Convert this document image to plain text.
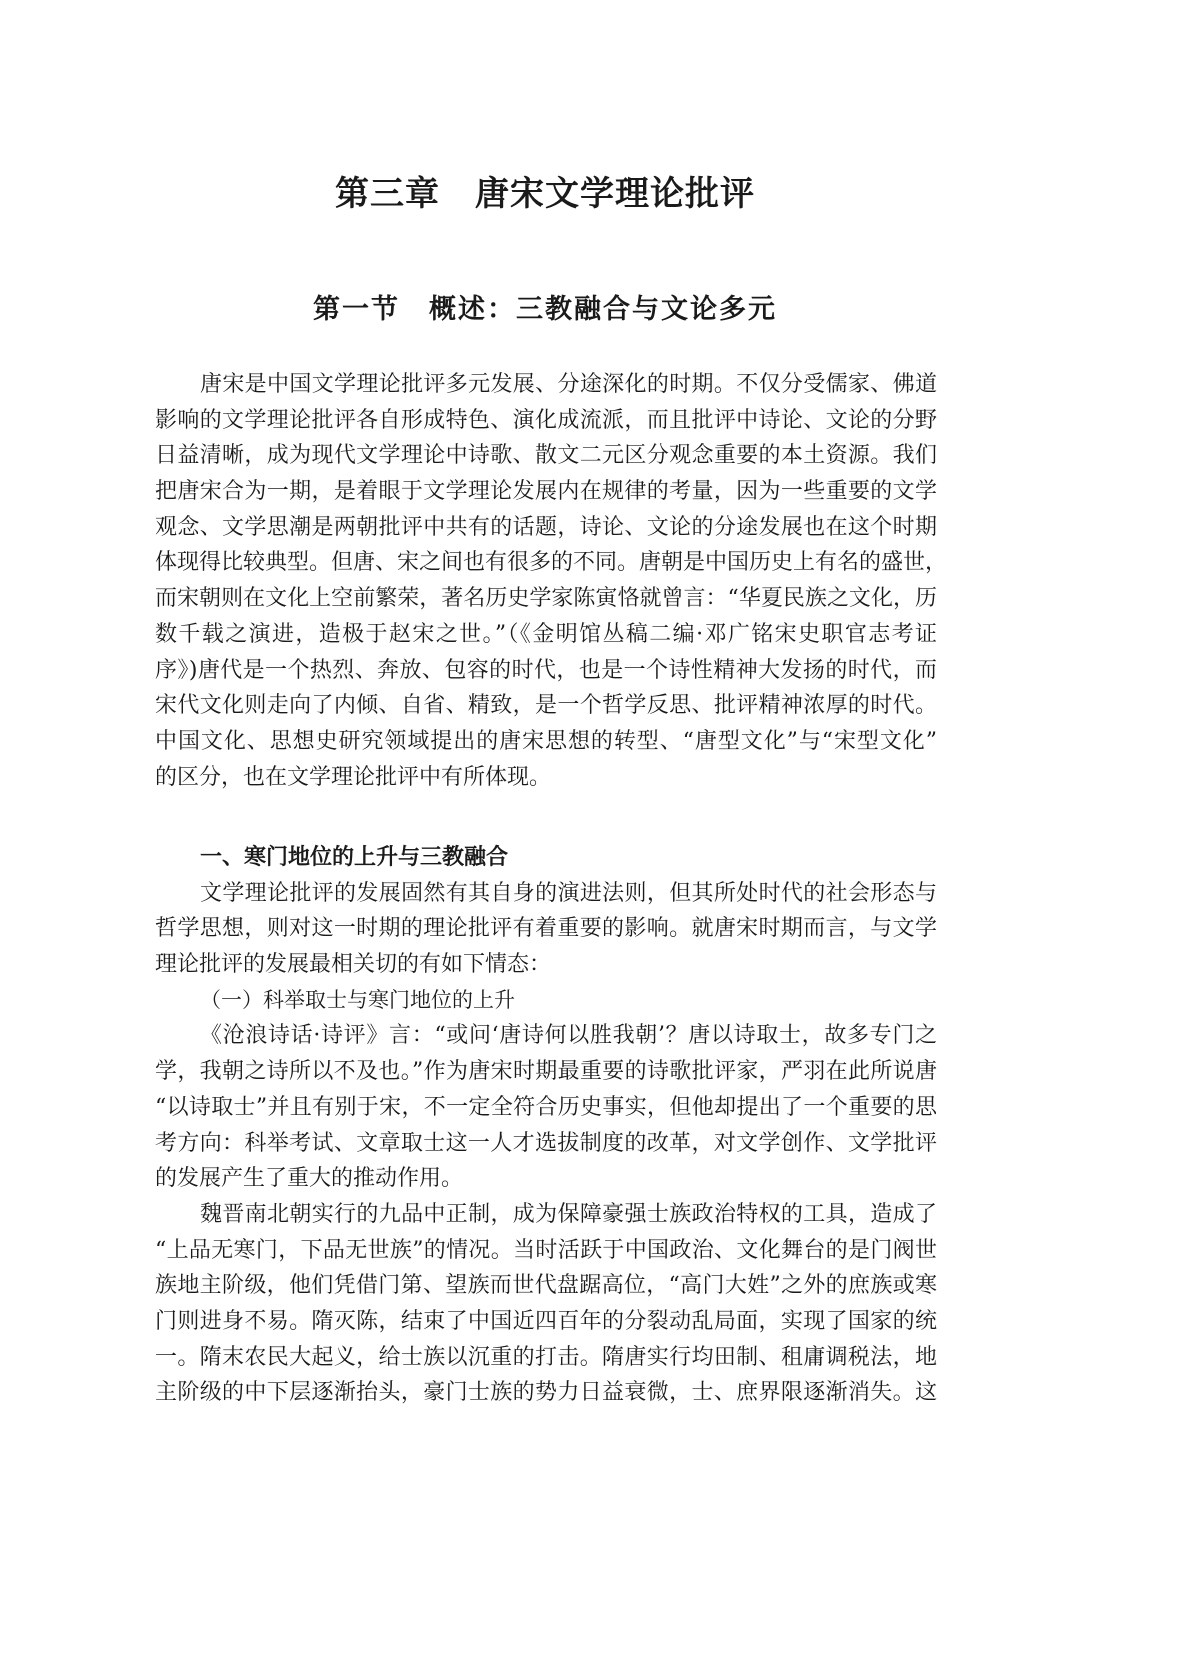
第三章　唐宋文学理论批评
第一节　概述：三教融合与文论多元
唐宋是中国文学理论批评多元发展、分途深化的时期。不仅分受儒家、佛道
影响的文学理论批评各自形成特色、演化成流派，而且批评中诗论、文论的分野
日益清晰，成为现代文学理论中诗歌、散文二元区分观念重要的本土资源。我们
把唐宋合为一期，是着眼于文学理论发展内在规律的考量，因为一些重要的文学
观念、文学思潮是两朝批评中共有的话题，诗论、文论的分途发展也在这个时期
体现得比较典型。但唐、宋之间也有很多的不同。唐朝是中国历史上有名的盛世，
而宋朝则在文化上空前繁荣，著名历史学家陈寅恪就曾言：“华夏民族之文化，历
数千载之演进，造极于赵宋之世。”（《金明馆丛稿二编·邓广铭宋史职官志考证
序》)唐代是一个热烈、奔放、包容的时代，也是一个诗性精神大发扬的时代，而
宋代文化则走向了内倾、自省、精致，是一个哲学反思、批评精神浓厚的时代。
中国文化、思想史研究领域提出的唐宋思想的转型、“唐型文化”与“宋型文化”
的区分，也在文学理论批评中有所体现。
一、寒门地位的上升与三教融合
文学理论批评的发展固然有其自身的演进法则，但其所处时代的社会形态与
哲学思想，则对这一时期的理论批评有着重要的影响。就唐宋时期而言，与文学
理论批评的发展最相关切的有如下情态：
（一）科举取士与寒门地位的上升
《沧浪诗话·诗评》言：“或问‘唐诗何以胜我朝’？唐以诗取士，故多专门之
学，我朝之诗所以不及也。”作为唐宋时期最重要的诗歌批评家，严羽在此所说唐
“以诗取士”并且有别于宋，不一定全符合历史事实，但他却提出了一个重要的思
考方向：科举考试、文章取士这一人才选拔制度的改革，对文学创作、文学批评
的发展产生了重大的推动作用。
魏晋南北朝实行的九品中正制，成为保障豪强士族政治特权的工具，造成了
“上品无寒门，下品无世族”的情况。当时活跃于中国政治、文化舞台的是门阀世
族地主阶级，他们凭借门第、望族而世代盘踞高位，“高门大姓”之外的庶族或寒
门则进身不易。隋灭陈，结束了中国近四百年的分裂动乱局面，实现了国家的统
一。隋末农民大起义，给士族以沉重的打击。隋唐实行均田制、租庸调税法，地
主阶级的中下层逐渐抬头，豪门士族的势力日益衰微，士、庶界限逐渐消失。这
